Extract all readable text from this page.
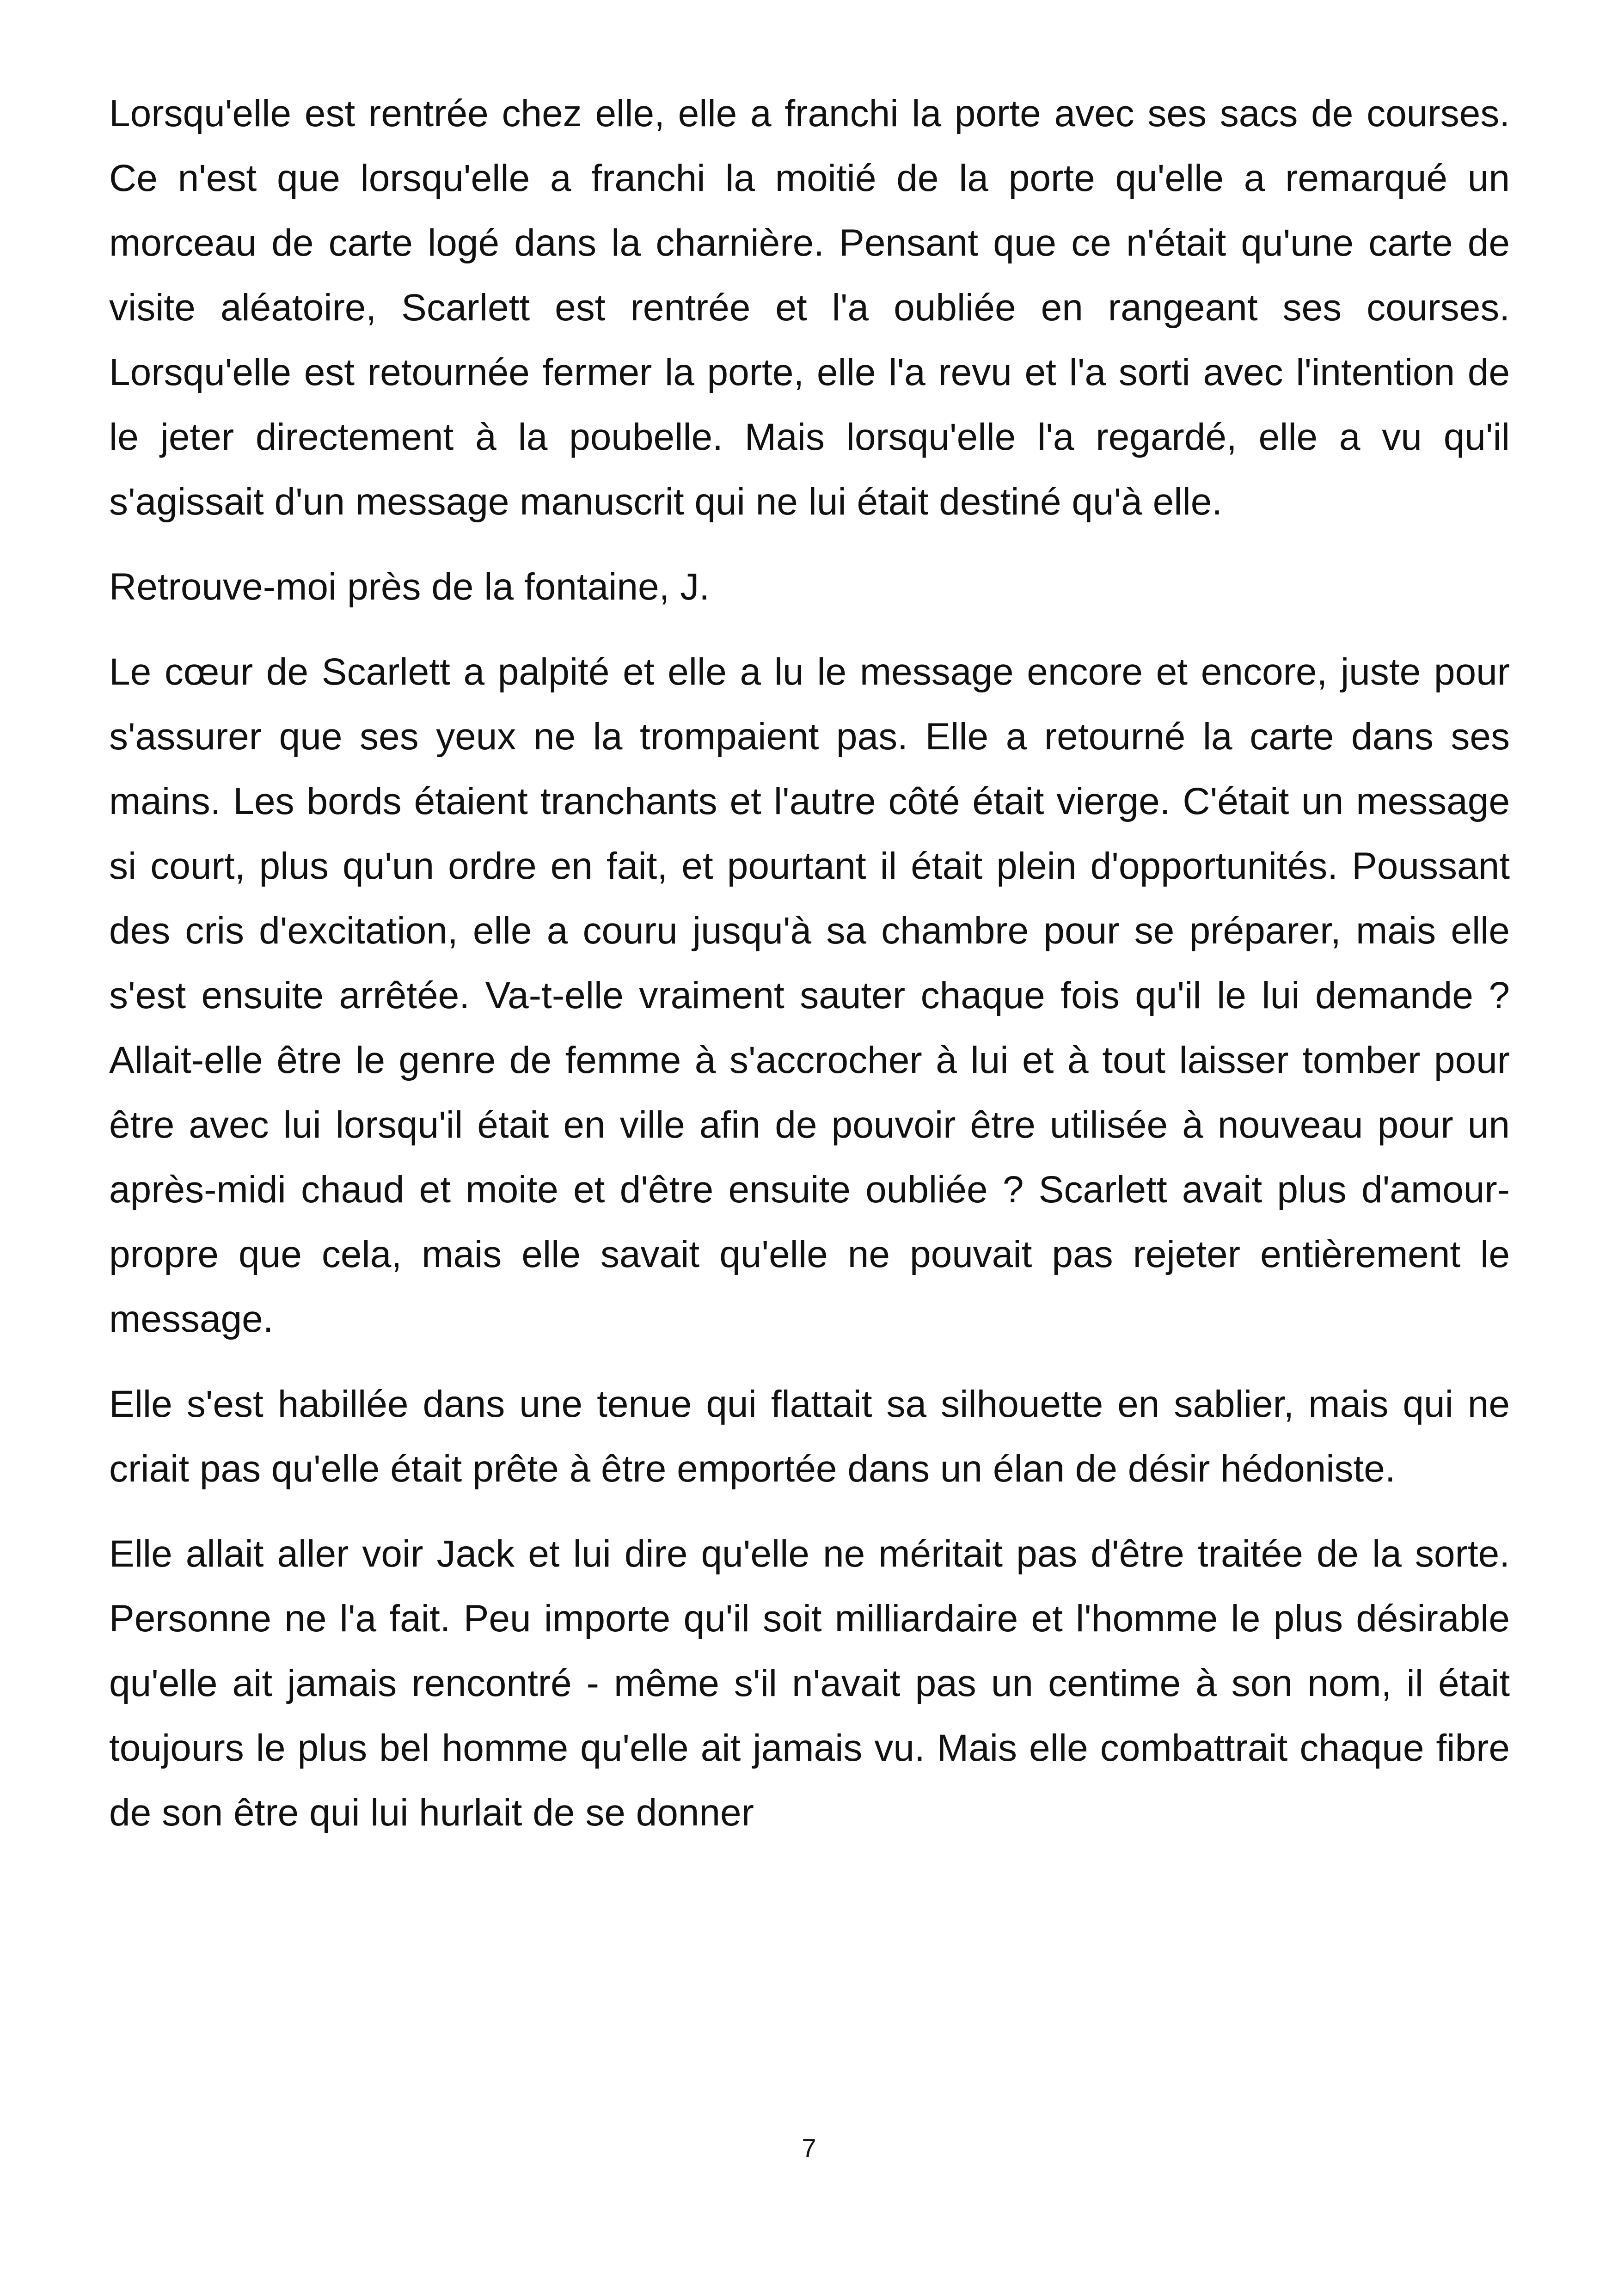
Lorsqu'elle est rentrée chez elle, elle a franchi la porte avec ses sacs de courses. Ce n'est que lorsqu'elle a franchi la moitié de la porte qu'elle a remarqué un morceau de carte logé dans la charnière. Pensant que ce n'était qu'une carte de visite aléatoire, Scarlett est rentrée et l'a oubliée en rangeant ses courses. Lorsqu'elle est retournée fermer la porte, elle l'a revu et l'a sorti avec l'intention de le jeter directement à la poubelle. Mais lorsqu'elle l'a regardé, elle a vu qu'il s'agissait d'un message manuscrit qui ne lui était destiné qu'à elle.

Retrouve-moi près de la fontaine, J.

Le cœur de Scarlett a palpité et elle a lu le message encore et encore, juste pour s'assurer que ses yeux ne la trompaient pas. Elle a retourné la carte dans ses mains. Les bords étaient tranchants et l'autre côté était vierge. C'était un message si court, plus qu'un ordre en fait, et pourtant il était plein d'opportunités. Poussant des cris d'excitation, elle a couru jusqu'à sa chambre pour se préparer, mais elle s'est ensuite arrêtée. Va-t-elle vraiment sauter chaque fois qu'il le lui demande ? Allait-elle être le genre de femme à s'accrocher à lui et à tout laisser tomber pour être avec lui lorsqu'il était en ville afin de pouvoir être utilisée à nouveau pour un après-midi chaud et moite et d'être ensuite oubliée ? Scarlett avait plus d'amour-propre que cela, mais elle savait qu'elle ne pouvait pas rejeter entièrement le message.

Elle s'est habillée dans une tenue qui flattait sa silhouette en sablier, mais qui ne criait pas qu'elle était prête à être emportée dans un élan de désir hédoniste.

Elle allait aller voir Jack et lui dire qu'elle ne méritait pas d'être traitée de la sorte. Personne ne l'a fait. Peu importe qu'il soit milliardaire et l'homme le plus désirable qu'elle ait jamais rencontré - même s'il n'avait pas un centime à son nom, il était toujours le plus bel homme qu'elle ait jamais vu. Mais elle combattrait chaque fibre de son être qui lui hurlait de se donner

7
